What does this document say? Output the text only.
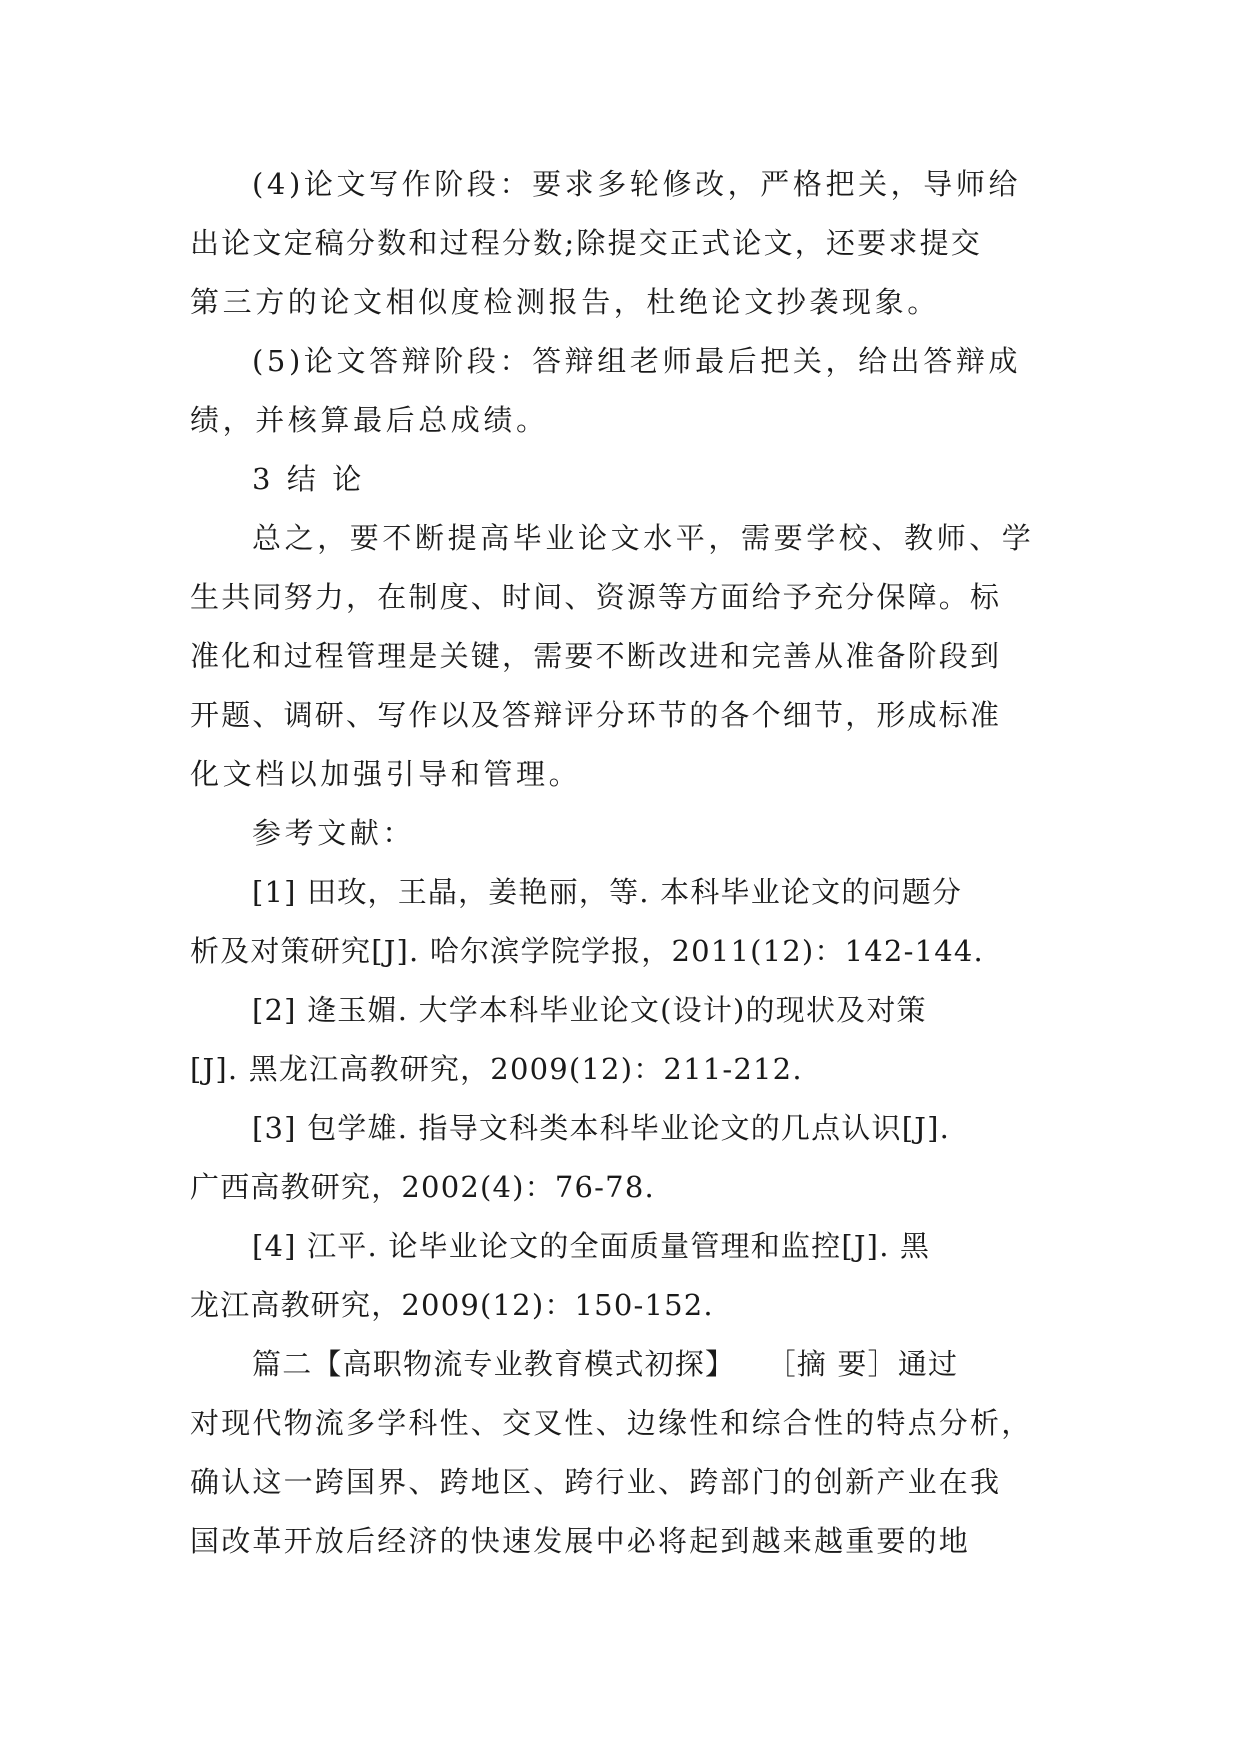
(4)论文写作阶段：要求多轮修改，严格把关，导师给
出论文定稿分数和过程分数;除提交正式论文，还要求提交
第三方的论文相似度检测报告，杜绝论文抄袭现象。
(5)论文答辩阶段：答辩组老师最后把关，给出答辩成
绩，并核算最后总成绩。
3 结 论
总之，要不断提高毕业论文水平，需要学校、教师、学
生共同努力，在制度、时间、资源等方面给予充分保障。标
准化和过程管理是关键，需要不断改进和完善从准备阶段到
开题、调研、写作以及答辩评分环节的各个细节，形成标准
化文档以加强引导和管理。
参考文献：
[1] 田玫，王晶，姜艳丽，等. 本科毕业论文的问题分
析及对策研究[J]. 哈尔滨学院学报，2011(12)：142-144.
[2] 逄玉媚. 大学本科毕业论文(设计)的现状及对策
[J]. 黑龙江高教研究，2009(12)：211-212.
[3] 包学雄. 指导文科类本科毕业论文的几点认识[J].
广西高教研究，2002(4)：76-78.
[4] 江平. 论毕业论文的全面质量管理和监控[J]. 黑
龙江高教研究，2009(12)：150-152.
篇二【高职物流专业教育模式初探】　　［摘 要］通过
对现代物流多学科性、交叉性、边缘性和综合性的特点分析，
确认这一跨国界、跨地区、跨行业、跨部门的创新产业在我
国改革开放后经济的快速发展中必将起到越来越重要的地
